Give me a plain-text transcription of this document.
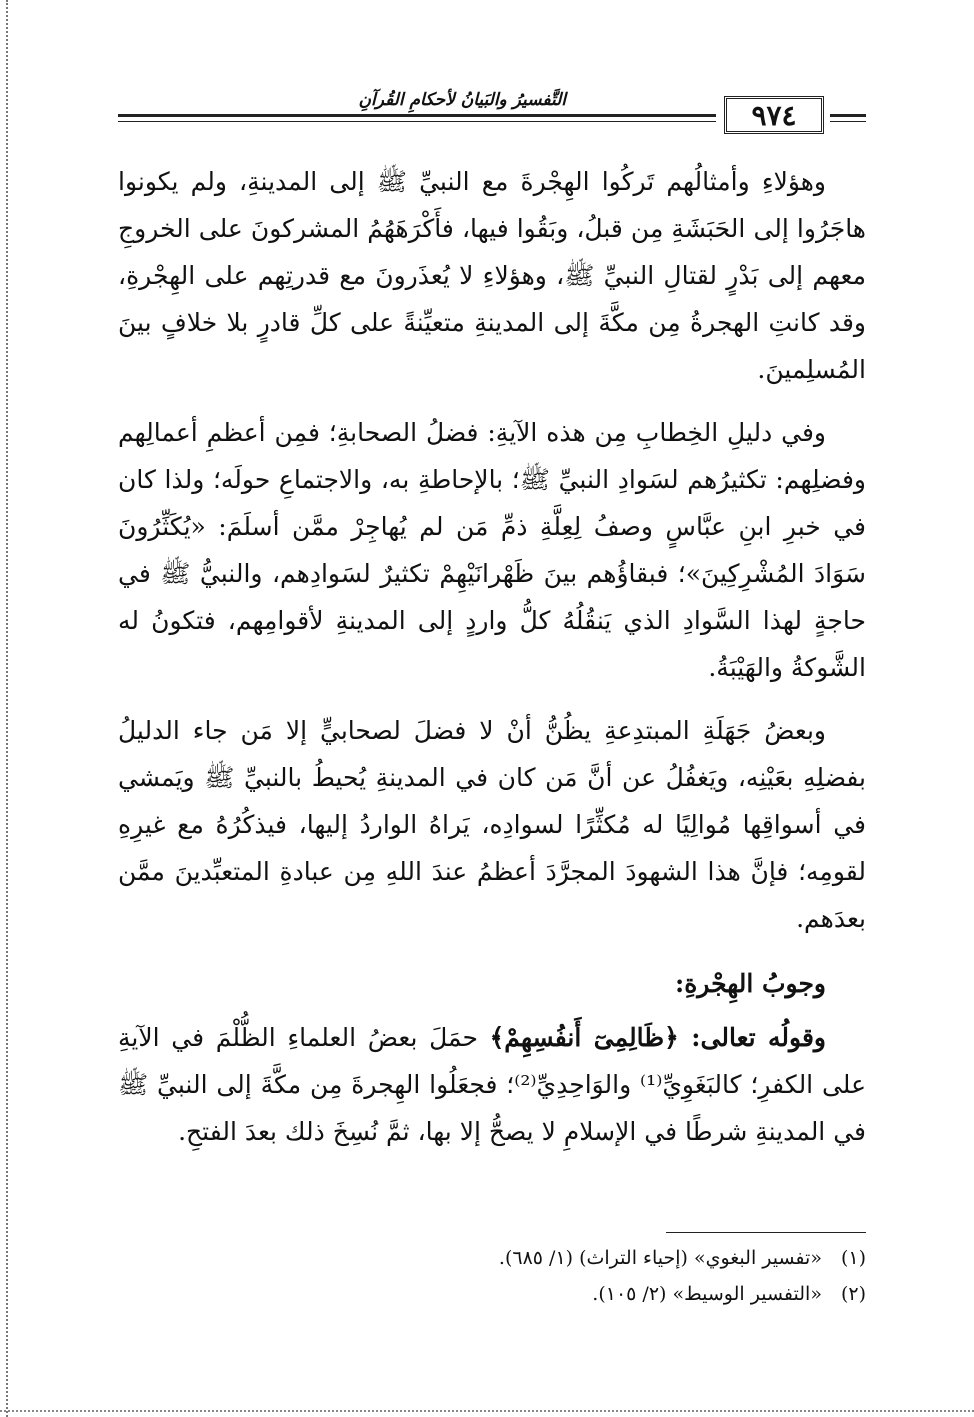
٩٧٤
التَّفسيرُ والبَيانُ لأحكامِ القُرآنِ

وهؤلاءِ وأمثالُهم تَركُوا الهِجْرةَ مع النبيِّ ﷺ إلى المدينةِ، ولم يكونوا هاجَرُوا إلى الحَبَشَةِ مِن قبلُ، وبَقُوا فيها، فأَكْرَهَهُمُ المشركونَ على الخروجِ معهم إلى بَدْرٍ لقتالِ النبيِّ ﷺ، وهؤلاءِ لا يُعذَرونَ مع قدرتِهم على الهِجْرةِ، وقد كانتِ الهجرةُ مِن مكَّةَ إلى المدينةِ متعيِّنةً على كلِّ قادرٍ بلا خلافٍ بينَ المُسلِمينَ.

وفي دليلِ الخِطابِ مِن هذه الآيةِ: فضلُ الصحابةِ؛ فمِن أعظمِ أعمالِهم وفضلِهم: تكثيرُهم لسَوادِ النبيِّ ﷺ؛ بالإحاطةِ به، والاجتماعِ حولَه؛ ولذا كان في خبرِ ابنِ عبَّاسٍ وصفُ لِعِلَّةِ ذمِّ مَن لم يُهاجِرْ ممَّن أسلَمَ: «يُكَثِّرُونَ سَوَادَ المُشْرِكِينَ»؛ فبقاؤُهم بينَ ظَهْرانَيْهِمْ تكثيرٌ لسَوادِهم، والنبيُّ ﷺ في حاجةٍ لهذا السَّوادِ الذي يَنقُلُهُ كلُّ واردٍ إلى المدينةِ لأقوامِهم، فتكونُ له الشَّوكةُ والهَيْبَةُ.

وبعضُ جَهَلَةِ المبتدِعةِ يظُنُّ أنْ لا فضلَ لصحابيٍّ إلا مَن جاء الدليلُ بفضلِهِ بعَيْنِه، ويَغفُلُ عن أنَّ مَن كان في المدينةِ يُحيطُ بالنبيِّ ﷺ ويَمشي في أسواقِها مُوالِيًا له مُكثِّرًا لسوادِه، يَراهُ الواردُ إليها، فيذكُرُهُ مع غيرِهِ لقومِه؛ فإنَّ هذا الشهودَ المجرَّدَ أعظمُ عندَ اللهِ مِن عبادةِ المتعبِّدينَ ممَّن بعدَهم.

وجوبُ الهِجْرةِ:

وقولُه تعالى: ﴿ظَالِمِىٓ أَنفُسِهِمْ﴾ حمَلَ بعضُ العلماءِ الظُّلْمَ في الآيةِ على الكفرِ؛ كالبَغَوِيِّ⁽¹⁾ والوَاحِدِيِّ⁽²⁾؛ فجعَلُوا الهِجرةَ مِن مكَّةَ إلى النبيِّ ﷺ في المدينةِ شرطًا في الإسلامِ لا يصحُّ إلا بها، ثمَّ نُسِخَ ذلك بعدَ الفتحِ.

(١) «تفسير البغوي» (إحياء التراث) (١/ ٦٨٥).
(٢) «التفسير الوسيط» (٢/ ١٠٥).
